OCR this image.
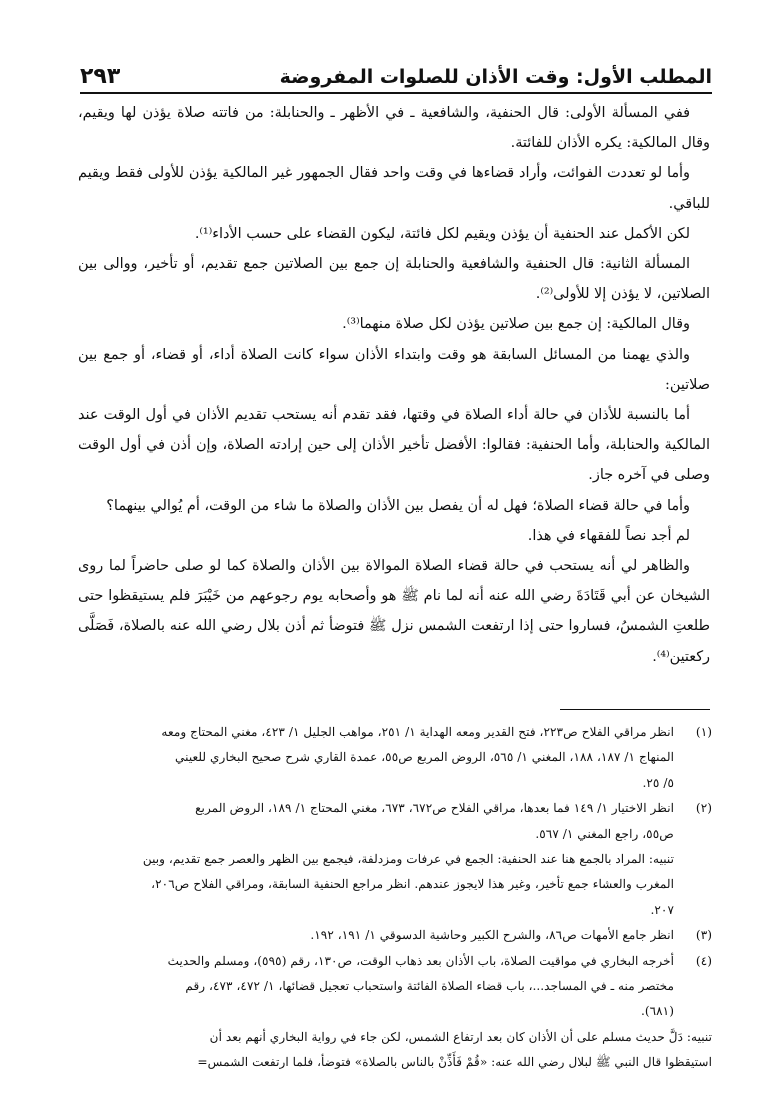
المطلب الأول: وقت الأذان للصلوات المفروضة
٢٩٣

ففي المسألة الأولى: قال الحنفية، والشافعية ـ في الأظهر ـ والحنابلة: من فاتته صلاة يؤذن لها ويقيم، وقال المالكية: يكره الأذان للفائتة.

وأما لو تعددت الفوائت، وأراد قضاءها في وقت واحد فقال الجمهور غير المالكية يؤذن للأولى فقط ويقيم للباقي.

لكن الأكمل عند الحنفية أن يؤذن ويقيم لكل فائتة، ليكون القضاء على حسب الأداء⁽¹⁾.

المسألة الثانية: قال الحنفية والشافعية والحنابلة إن جمع بين الصلاتين جمع تقديم، أو تأخير، ووالى بين الصلاتين، لا يؤذن إلا للأولى⁽²⁾.

وقال المالكية: إن جمع بين صلاتين يؤذن لكل صلاة منهما⁽³⁾.

والذي يهمنا من المسائل السابقة هو وقت وابتداء الأذان سواء كانت الصلاة أداء، أو قضاء، أو جمع بين صلاتين:

أما بالنسبة للأذان في حالة أداء الصلاة في وقتها، فقد تقدم أنه يستحب تقديم الأذان في أول الوقت عند المالكية والحنابلة، وأما الحنفية: فقالوا: الأفضل تأخير الأذان إلى حين إرادته الصلاة، وإن أذن في أول الوقت وصلى في آخره جاز.

وأما في حالة قضاء الصلاة؛ فهل له أن يفصل بين الأذان والصلاة ما شاء من الوقت، أم يُوالي بينهما؟

لم أجد نصاً للفقهاء في هذا.

والظاهر لي أنه يستحب في حالة قضاء الصلاة الموالاة بين الأذان والصلاة كما لو صلى حاضراً لما روى الشيخان عن أبي قَتَادَةَ رضي الله عنه أنه لما نام ﷺ هو وأصحابه يوم رجوعهم من خَيْبَرَ فلم يستيقظوا حتى طلعتِ الشمسُ، فساروا حتى إذا ارتفعت الشمس نزل ﷺ فتوضأ ثم أذن بلال رضي الله عنه بالصلاة، فَصَلَّى ركعتين⁽⁴⁾.

(١)
انظر مراقي الفلاح ص٢٢٣، فتح القدير ومعه الهداية ١/ ٢٥١، مواهب الجليل ١/ ٤٢٣، مغني المحتاج ومعه
المنهاج ١/ ١٨٧، ١٨٨، المغني ١/ ٥٦٥، الروض المربع ص٥٥، عمدة القاري شرح صحيح البخاري للعيني
٥/ ٢٥.
(٢)
انظر الاختيار ١/ ١٤٩ فما بعدها، مراقي الفلاح ص٦٧٢، ٦٧٣، مغني المحتاج ١/ ١٨٩، الروض المربع
ص٥٥، راجع المغني ١/ ٥٦٧.
تنبيه: المراد بالجمع هنا عند الحنفية: الجمع في عرفات ومزدلفة، فيجمع بين الظهر والعصر جمع تقديم، وبين
المغرب والعشاء جمع تأخير، وغير هذا لايجوز عندهم. انظر مراجع الحنفية السابقة، ومراقي الفلاح ص٢٠٦،
٢٠٧.
(٣)
انظر جامع الأمهات ص٨٦، والشرح الكبير وحاشية الدسوقي ١/ ١٩١، ١٩٢.
(٤)
أخرجه البخاري في مواقيت الصلاة، باب الأذان بعد ذهاب الوقت، ص١٣٠، رقم (٥٩٥)، ومسلم والحديث
مختصر منه ـ في المساجد...، باب قضاء الصلاة الفائتة واستحباب تعجيل قضائها، ١/ ٤٧٢، ٤٧٣، رقم
(٦٨١).
تنبيه: دَلَّ حديث مسلم على أن الأذان كان بعد ارتفاع الشمس، لكن جاء في رواية البخاري أنهم بعد أن
استيقظوا قال النبي ﷺ لبلال رضي الله عنه: «قُمْ فَأَذِّنْ بالناس بالصلاة» فتوضأ، فلما ارتفعت الشمس=
